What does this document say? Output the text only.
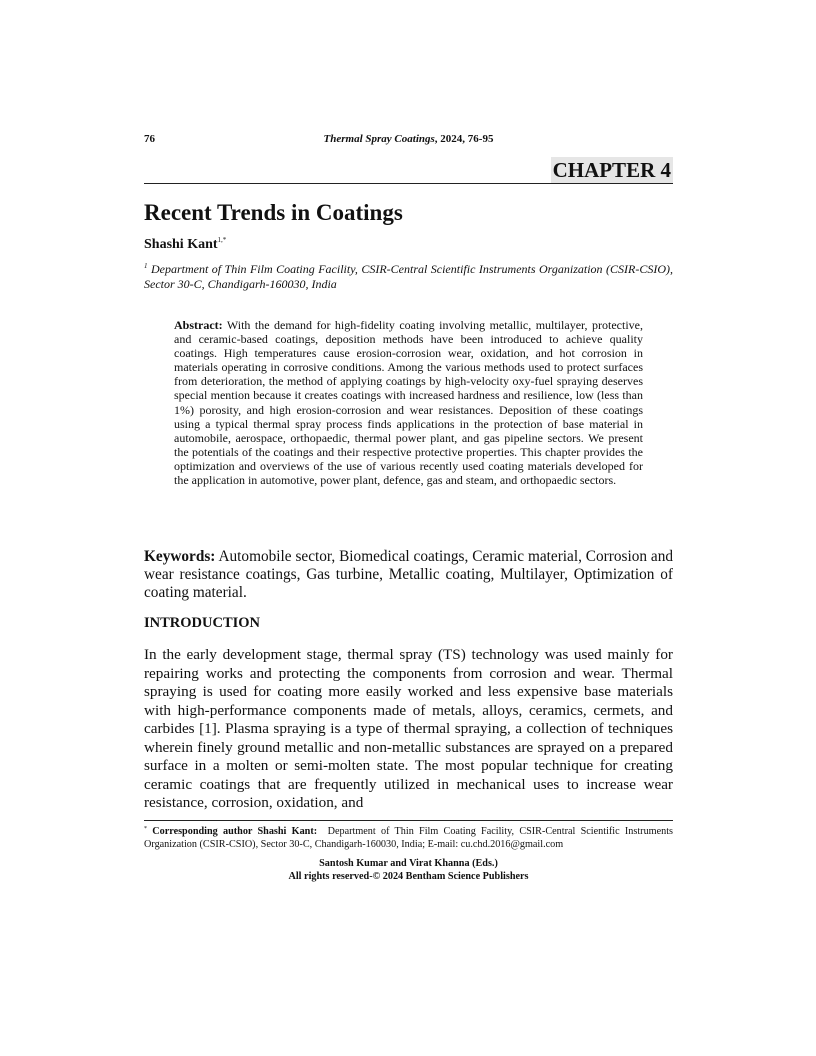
76	Thermal Spray Coatings, 2024, 76-95
CHAPTER 4
Recent Trends in Coatings
Shashi Kant$^{1,*}$
$^1$ Department of Thin Film Coating Facility, CSIR-Central Scientific Instruments Organization (CSIR-CSIO), Sector 30-C, Chandigarh-160030, India
Abstract: With the demand for high-fidelity coating involving metallic, multilayer, protective, and ceramic-based coatings, deposition methods have been introduced to achieve quality coatings. High temperatures cause erosion-corrosion wear, oxidation, and hot corrosion in materials operating in corrosive conditions. Among the various methods used to protect surfaces from deterioration, the method of applying coatings by high-velocity oxy-fuel spraying deserves special mention because it creates coatings with increased hardness and resilience, low (less than 1%) porosity, and high erosion-corrosion and wear resistances. Deposition of these coatings using a typical thermal spray process finds applications in the protection of base material in automobile, aerospace, orthopaedic, thermal power plant, and gas pipeline sectors. We present the potentials of the coatings and their respective protective properties. This chapter provides the optimization and overviews of the use of various recently used coating materials developed for the application in automotive, power plant, defence, gas and steam, and orthopaedic sectors.
Keywords: Automobile sector, Biomedical coatings, Ceramic material, Corrosion and wear resistance coatings, Gas turbine, Metallic coating, Multilayer, Optimization of coating material.
INTRODUCTION
In the early development stage, thermal spray (TS) technology was used mainly for repairing works and protecting the components from corrosion and wear. Thermal spraying is used for coating more easily worked and less expensive base materials with high-performance components made of metals, alloys, ceramics, cermets, and carbides [1]. Plasma spraying is a type of thermal spraying, a collection of techniques wherein finely ground metallic and non-metallic substances are sprayed on a prepared surface in a molten or semi-molten state. The most popular technique for creating ceramic coatings that are frequently utilized in mechanical uses to increase wear resistance, corrosion, oxidation, and
* Corresponding author Shashi Kant: Department of Thin Film Coating Facility, CSIR-Central Scientific Instruments Organization (CSIR-CSIO), Sector 30-C, Chandigarh-160030, India; E-mail: cu.chd.2016@gmail.com
Santosh Kumar and Virat Khanna (Eds.)
All rights reserved-© 2024 Bentham Science Publishers
